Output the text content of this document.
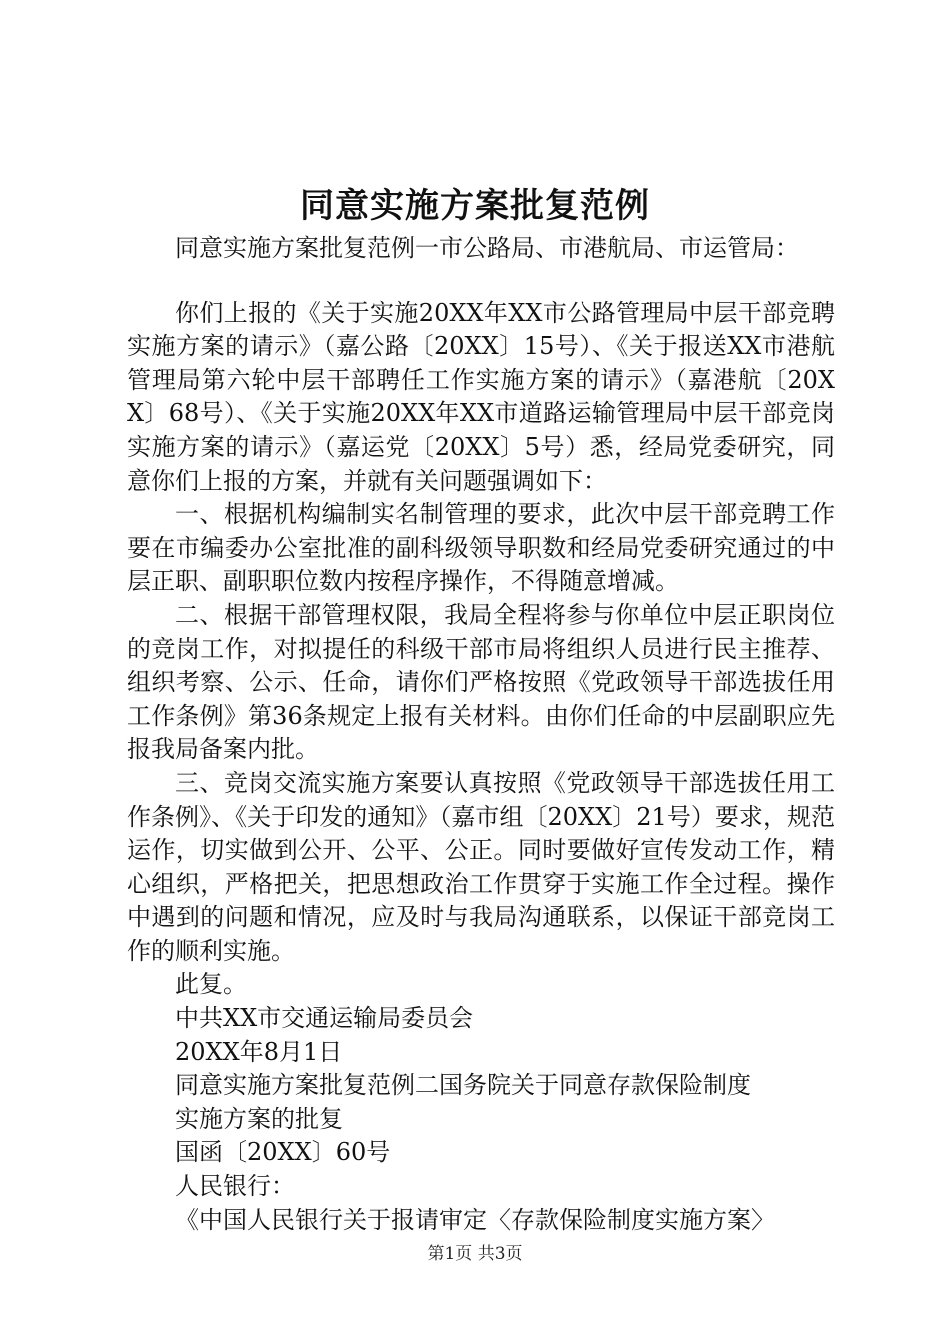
同意实施方案批复范例

同意实施方案批复范例一市公路局、市港航局、市运管局：

你们上报的《关于实施20XX年XX市公路管理局中层干部竞聘实施方案的请示》（嘉公路〔20XX〕15号）、《关于报送XX市港航管理局第六轮中层干部聘任工作实施方案的请示》（嘉港航〔20XX〕68号）、《关于实施20XX年XX市道路运输管理局中层干部竞岗实施方案的请示》（嘉运党〔20XX〕5号）悉，经局党委研究，同意你们上报的方案，并就有关问题强调如下：

一、根据机构编制实名制管理的要求，此次中层干部竞聘工作要在市编委办公室批准的副科级领导职数和经局党委研究通过的中层正职、副职职位数内按程序操作，不得随意增减。

二、根据干部管理权限，我局全程将参与你单位中层正职岗位的竞岗工作，对拟提任的科级干部市局将组织人员进行民主推荐、组织考察、公示、任命，请你们严格按照《党政领导干部选拔任用工作条例》第36条规定上报有关材料。由你们任命的中层副职应先报我局备案内批。

三、竞岗交流实施方案要认真按照《党政领导干部选拔任用工作条例》、《关于印发的通知》（嘉市组〔20XX〕21号）要求，规范运作，切实做到公开、公平、公正。同时要做好宣传发动工作，精心组织，严格把关，把思想政治工作贯穿于实施工作全过程。操作中遇到的问题和情况，应及时与我局沟通联系，以保证干部竞岗工作的顺利实施。

此复。

中共XX市交通运输局委员会

20XX年8月1日

同意实施方案批复范例二国务院关于同意存款保险制度

实施方案的批复

国函〔20XX〕60号

人民银行：

《中国人民银行关于报请审定〈存款保险制度实施方案〉

第1页 共3页
